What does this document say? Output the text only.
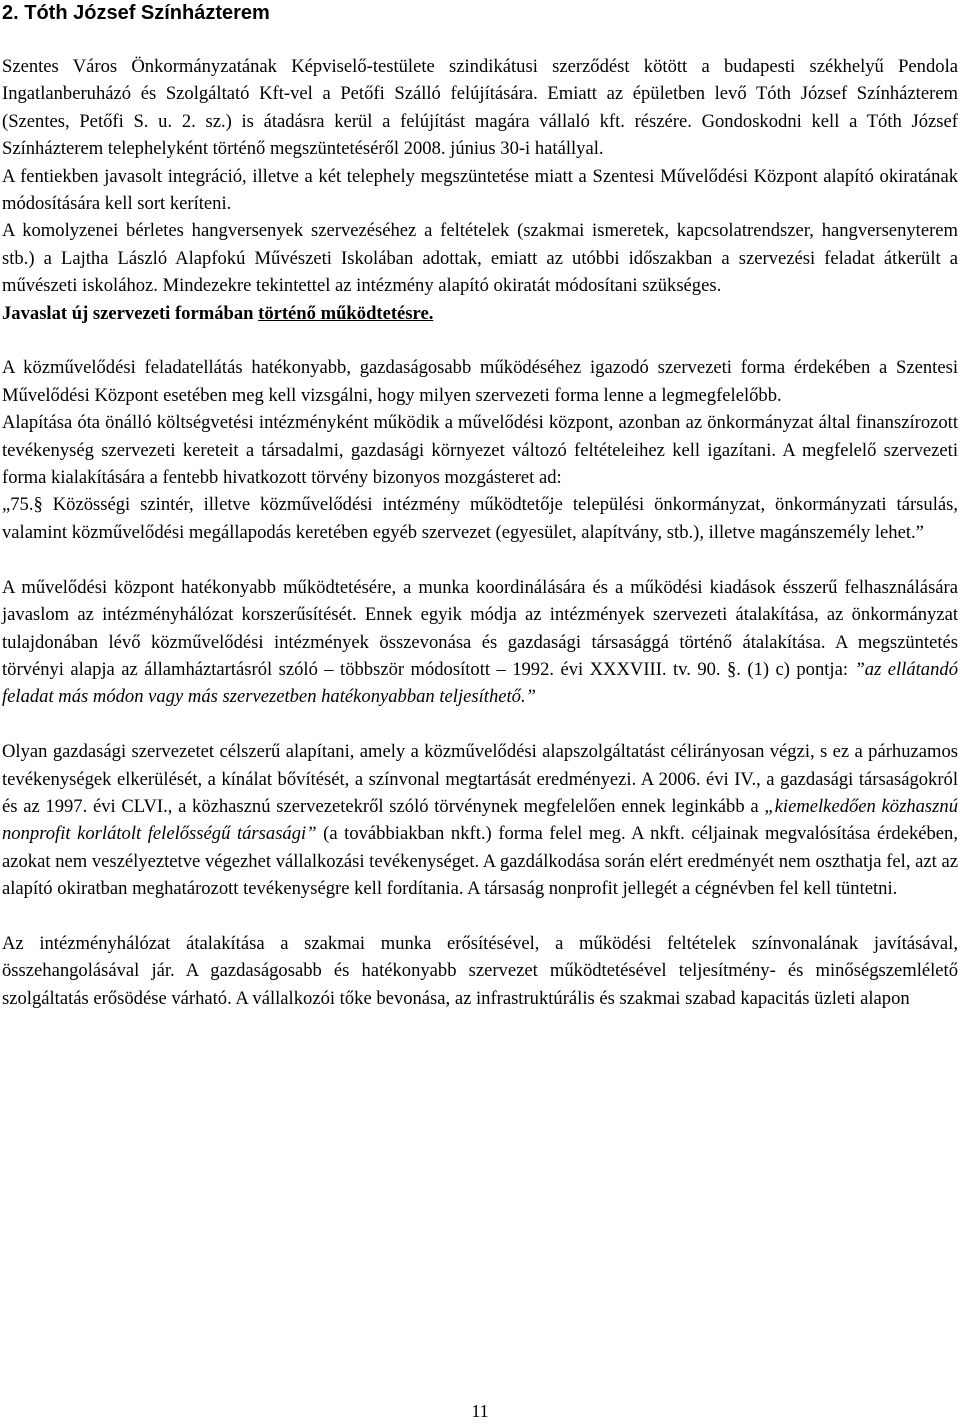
2. Tóth József Színházterem

Szentes Város Önkormányzatának Képviselő-testülete szindikátusi szerződést kötött a budapesti székhelyű Pendola Ingatlanberuházó és Szolgáltató Kft-vel a Petőfi Szálló felújítására. Emiatt az épületben levő Tóth József Színházterem (Szentes, Petőfi S. u. 2. sz.) is átadásra kerül a felújítást magára vállaló kft. részére. Gondoskodni kell a Tóth József Színházterem telephelyként történő megszüntetéséről 2008. június 30-i hatállyal.

A fentiekben javasolt integráció, illetve a két telephely megszüntetése miatt a Szentesi Művelődési Központ alapító okiratának módosítására kell sort keríteni.

A komolyzenei bérletes hangversenyek szervezéséhez a feltételek (szakmai ismeretek, kapcsolatrendszer, hangversenyterem stb.) a Lajtha László Alapfokú Művészeti Iskolában adottak, emiatt az utóbbi időszakban a szervezési feladat átkerült a művészeti iskolához. Mindezekre tekintettel az intézmény alapító okiratát módosítani szükséges.

Javaslat új szervezeti formában történő működtetésre.

A közművelődési feladatellátás hatékonyabb, gazdaságosabb működéséhez igazodó szervezeti forma érdekében a Szentesi Művelődési Központ esetében meg kell vizsgálni, hogy milyen szervezeti forma lenne a legmegfelelőbb.

Alapítása óta önálló költségvetési intézményként működik a művelődési központ, azonban az önkormányzat által finanszírozott tevékenység szervezeti kereteit a társadalmi, gazdasági környezet változó feltételeihez kell igazítani. A megfelelő szervezeti forma kialakítására a fentebb hivatkozott törvény bizonyos mozgásteret ad:

„75.§ Közösségi szintér, illetve közművelődési intézmény működtetője települési önkormányzat, önkormányzati társulás, valamint közművelődési megállapodás keretében egyéb szervezet (egyesület, alapítvány, stb.), illetve magánszemély lehet.”

A művelődési központ hatékonyabb működtetésére, a munka koordinálására és a működési kiadások ésszerű felhasználására javaslom az intézményhálózat korszerűsítését. Ennek egyik módja az intézmények szervezeti átalakítása, az önkormányzat tulajdonában lévő közművelődési intézmények összevonása és gazdasági társasággá történő átalakítása. A megszüntetés törvényi alapja az államháztartásról szóló – többször módosított – 1992. évi XXXVIII. tv. 90. §. (1) c) pontja: ”az ellátandó feladat más módon vagy más szervezetben hatékonyabban teljesíthető.”

Olyan gazdasági szervezetet célszerű alapítani, amely a közművelődési alapszolgáltatást célirányosan végzi, s ez a párhuzamos tevékenységek elkerülését, a kínálat bővítését, a színvonal megtartását eredményezi. A 2006. évi IV., a gazdasági társaságokról és az 1997. évi CLVI., a közhasznú szervezetekről szóló törvénynek megfelelően ennek leginkább a „kiemelkedően közhasznú nonprofit korlátolt felelősségű társasági” (a továbbiakban nkft.) forma felel meg. A nkft. céljainak megvalósítása érdekében, azokat nem veszélyeztetve végezhet vállalkozási tevékenységet. A gazdálkodása során elért eredményét nem oszthatja fel, azt az alapító okiratban meghatározott tevékenységre kell fordítania. A társaság nonprofit jellegét a cégnévben fel kell tüntetni.

Az intézményhálózat átalakítása a szakmai munka erősítésével, a működési feltételek színvonalának javításával, összehangolásával jár. A gazdaságosabb és hatékonyabb szervezet működtetésével teljesítmény- és minőségszemlélető szolgáltatás erősödése várható. A vállalkozói tőke bevonása, az infrastruktúrális és szakmai szabad kapacitás üzleti alapon

11
